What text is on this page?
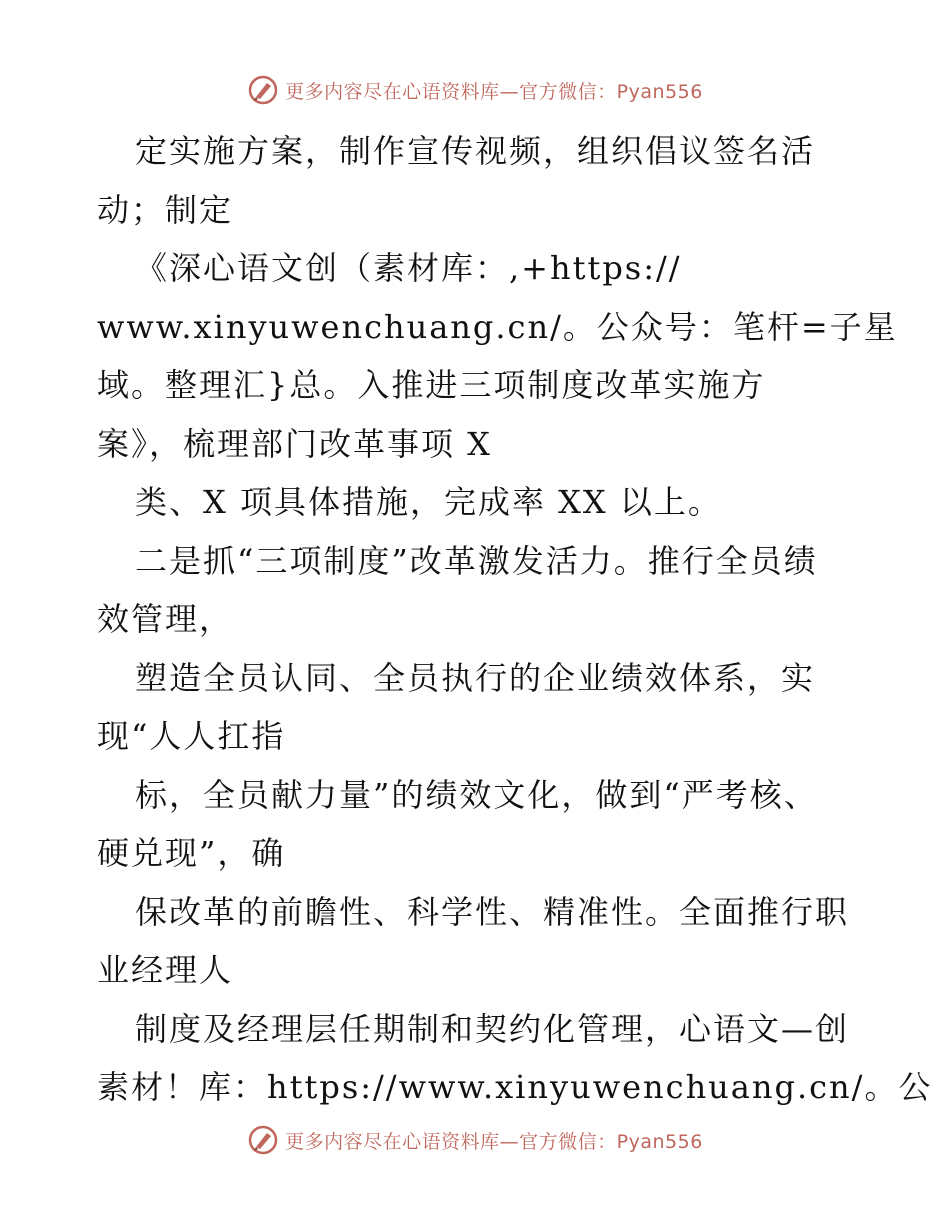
更多内容尽在心语资料库—官方微信：Pyan556
定实施方案，制作宣传视频，组织倡议签名活
动；制定
《深心语文创（素材库：,+https://
www.xinyuwenchuang.cn/。公众号：笔杆=子星
域。整理汇}总。入推进三项制度改革实施方
案》，梳理部门改革事项 X
类、X 项具体措施，完成率 XX 以上。
二是抓“三项制度”改革激发活力。推行全员绩
效管理，
塑造全员认同、全员执行的企业绩效体系，实
现“人人扛指
标，全员献力量”的绩效文化，做到“严考核、
硬兑现”，确
保改革的前瞻性、科学性、精准性。全面推行职
业经理人
制度及经理层任期制和契约化管理，心语文—创
素材！库：https://www.xinyuwenchuang.cn/。公
更多内容尽在心语资料库—官方微信：Pyan556
